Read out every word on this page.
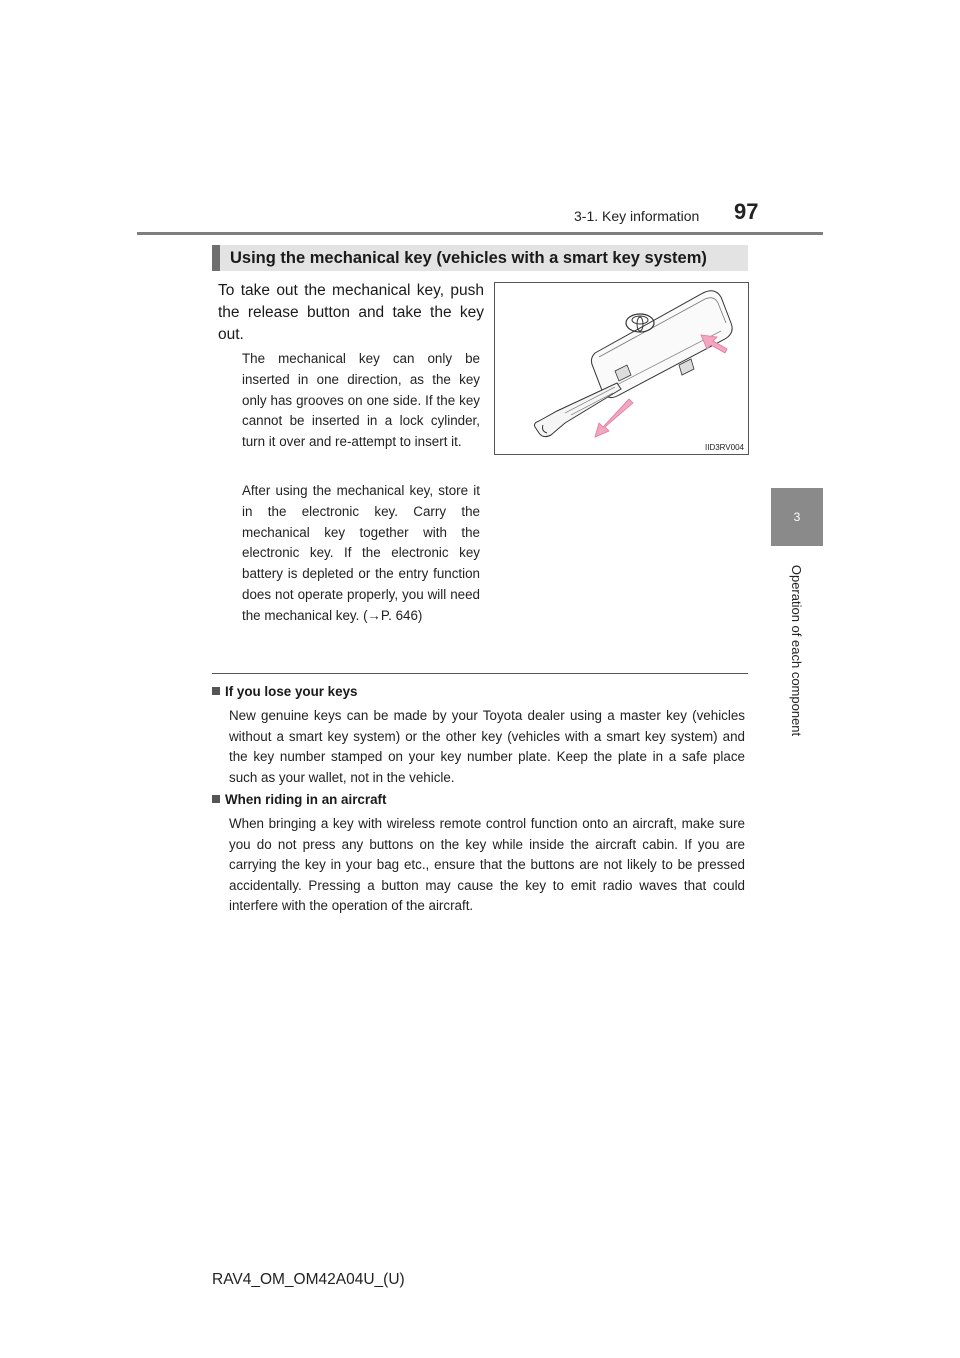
3-1. Key information 97
3
Operation of each component
Using the mechanical key (vehicles with a smart key system)
To take out the mechanical key, push the release button and take the key out.
The mechanical key can only be inserted in one direction, as the key only has grooves on one side. If the key cannot be inserted in a lock cylinder, turn it over and re-attempt to insert it.
After using the mechanical key, store it in the electronic key. Carry the mechanical key together with the electronic key. If the electronic key battery is depleted or the entry function does not operate properly, you will need the mechanical key. (→P. 646)
IID3RV004
If you lose your keys
New genuine keys can be made by your Toyota dealer using a master key (vehicles without a smart key system) or the other key (vehicles with a smart key system) and the key number stamped on your key number plate. Keep the plate in a safe place such as your wallet, not in the vehicle.
When riding in an aircraft
When bringing a key with wireless remote control function onto an aircraft, make sure you do not press any buttons on the key while inside the aircraft cabin. If you are carrying the key in your bag etc., ensure that the buttons are not likely to be pressed accidentally. Pressing a button may cause the key to emit radio waves that could interfere with the operation of the aircraft.
RAV4_OM_OM42A04U_(U)
